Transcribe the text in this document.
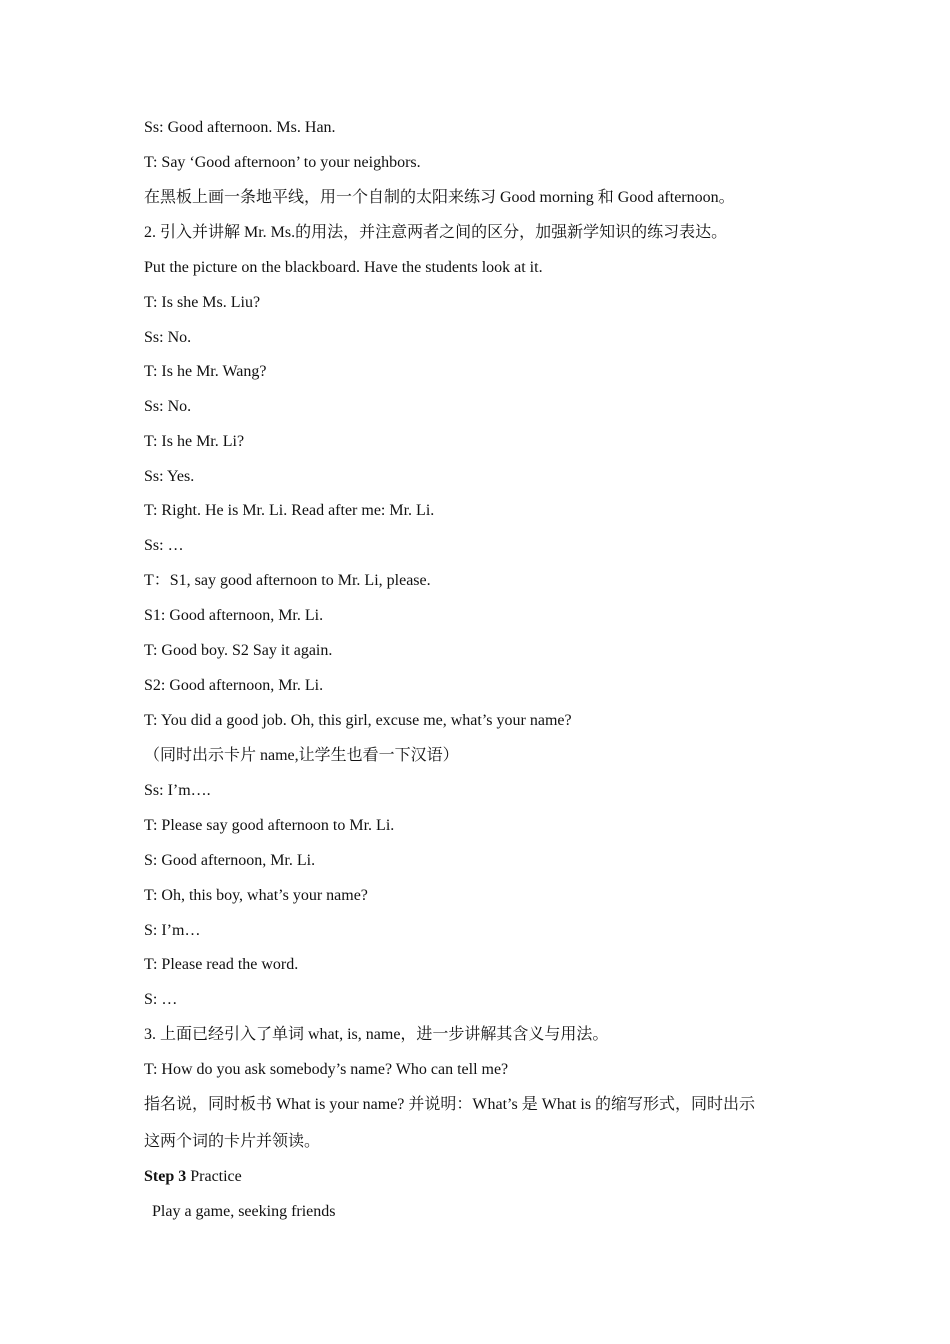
Ss: Good afternoon. Ms. Han.
T: Say ‘Good afternoon’ to your neighbors.
在黑板上画一条地平线，用一个自制的太阳来练习 Good morning 和 Good afternoon。
2. 引入并讲解 Mr. Ms.的用法，并注意两者之间的区分，加强新学知识的练习表达。
Put the picture on the blackboard. Have the students look at it.
T: Is she Ms. Liu?
Ss: No.
T: Is he Mr. Wang?
Ss: No.
T: Is he Mr. Li?
Ss: Yes.
T: Right. He is Mr. Li. Read after me: Mr. Li.
Ss: …
T：S1, say good afternoon to Mr. Li, please.
S1: Good afternoon, Mr. Li.
T: Good boy. S2 Say it again.
S2: Good afternoon, Mr. Li.
T: You did a good job. Oh, this girl, excuse me, what’s your name?
（同时出示卡片 name,让学生也看一下汉语）
Ss: I’m….
T: Please say good afternoon to Mr. Li.
S: Good afternoon, Mr. Li.
T: Oh, this boy, what’s your name?
S: I’m…
T: Please read the word.
S: …
3. 上面已经引入了单词 what, is, name，进一步讲解其含义与用法。
T: How do you ask somebody’s name? Who can tell me?
指名说，同时板书 What is your name? 并说明：What’s 是 What is 的缩写形式，同时出示
这两个词的卡片并领读。
Step 3 Practice
Play a game, seeking friends
